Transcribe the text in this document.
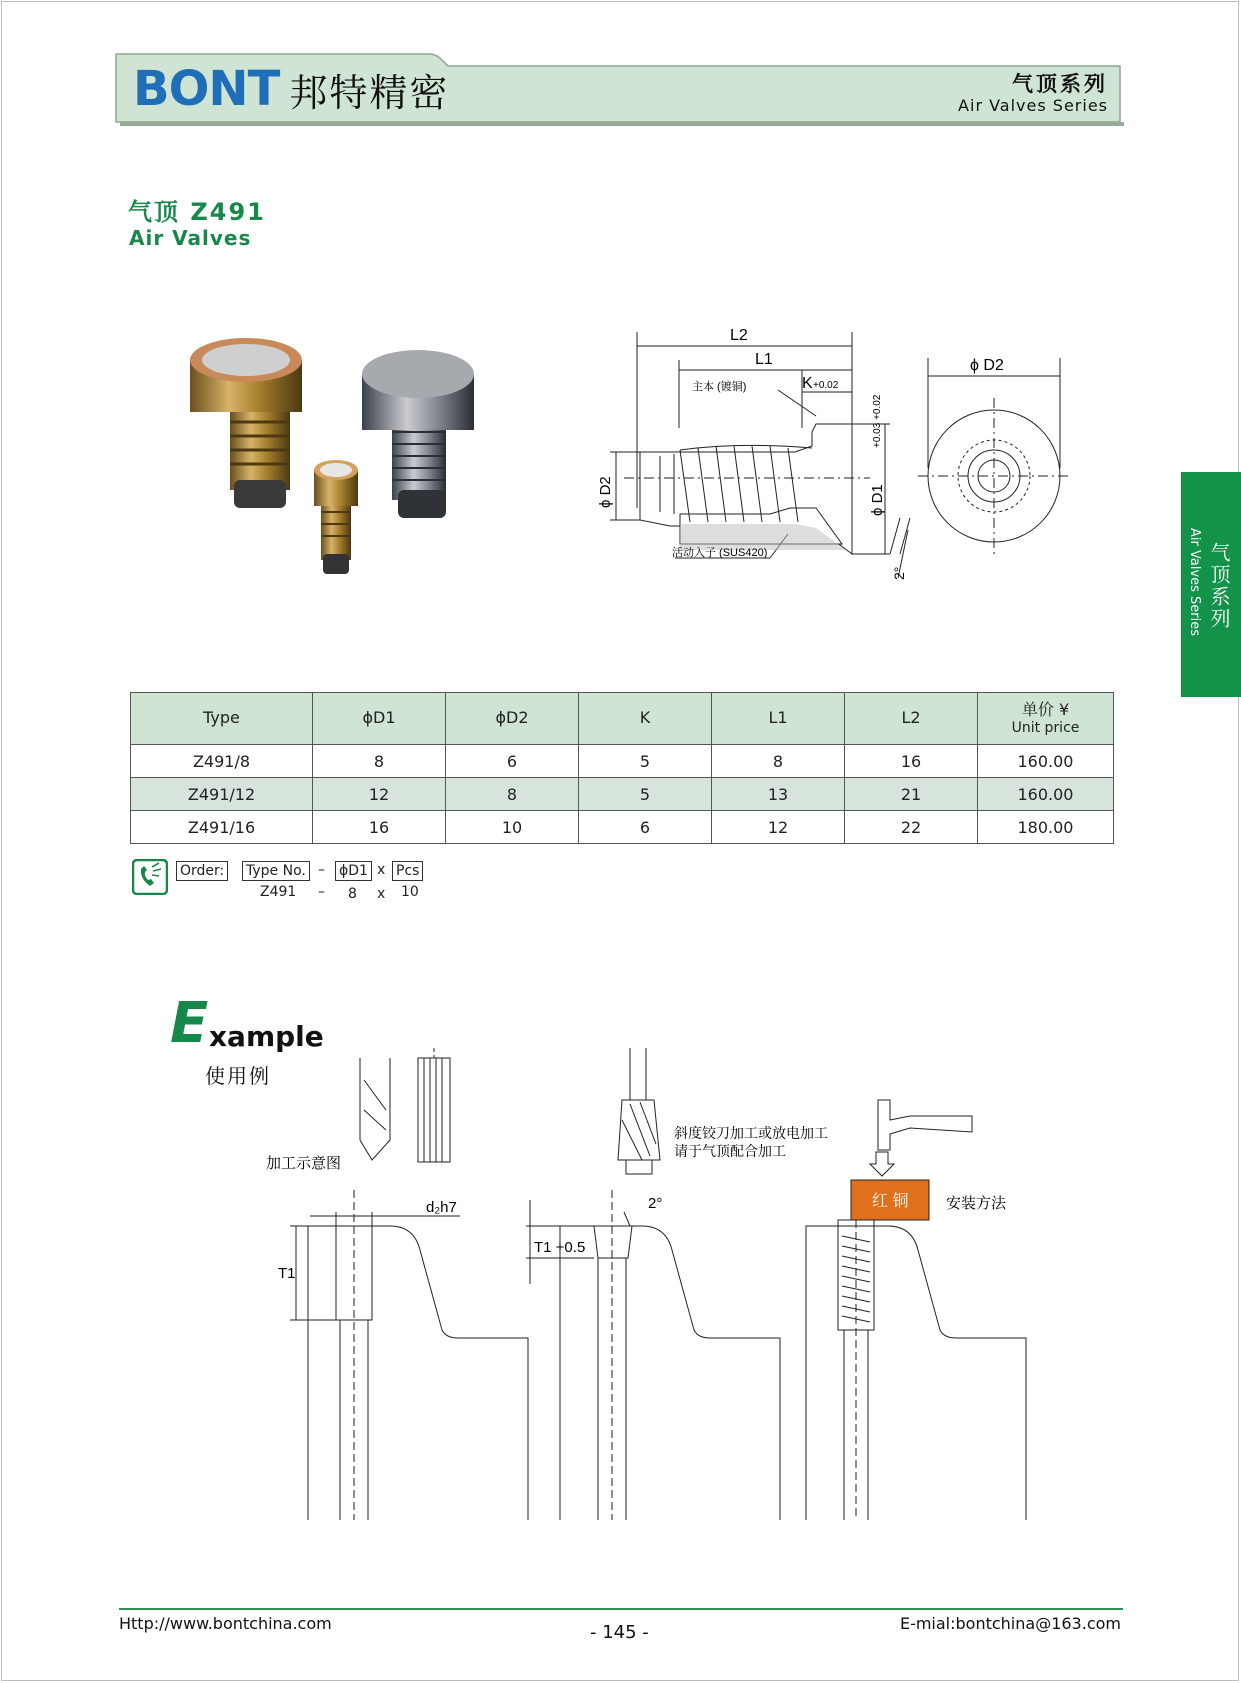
BONT 邦特精密	气顶系列
Air Valves Series
气顶 Z491
Air Valves
气顶系列
Air Valves Series
L2
L1
K +0.02
主本 (镀铜)
活动入子 (SUS420)
ϕ D2	ϕ D1
+0.03 +0.02
2°
ϕ D2
Type	ϕD1	ϕD2	K	L1	L2	单价 ¥
Unit price

Z491/8	8	6	5	8	16	160.00
Z491/12	12	8	5	13	21	160.00
Z491/16	16	10	6	12	22	180.00
Order: Type No. – ϕD1 x Pcs
Z491 – 8 x 10
E xample
使用例
红 铜
加工示意图
d₂h7
T1
T1 +0.5
2°
斜度铰刀加工或放电加工
请于气顶配合加工
安装方法
Http://www.bontchina.com	- 145 -	E-mial:bontchina@163.com
